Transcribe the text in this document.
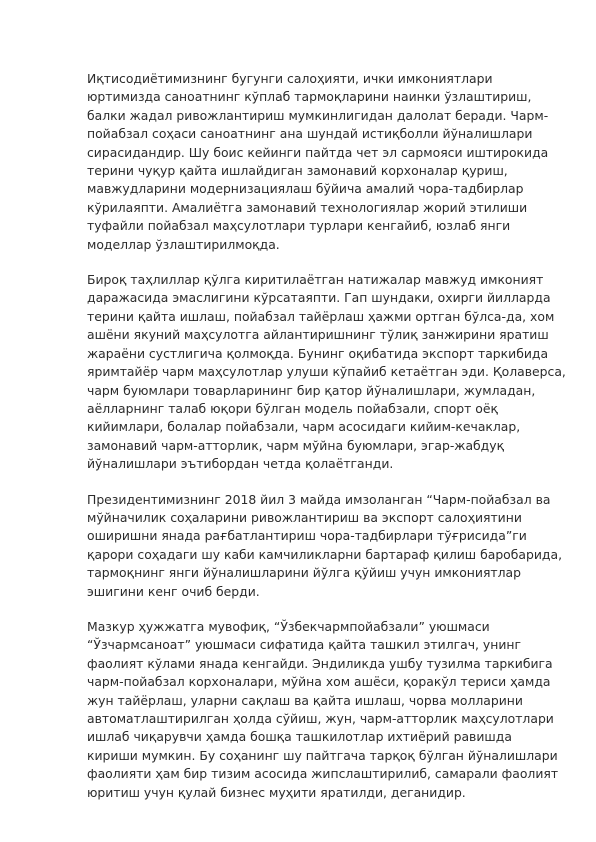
Иқтисодиётимизнинг бугунги салоҳияти, ички имкониятлари
юртимизда саноатнинг кўплаб тармоқларини наинки ўзлаштириш,
балки жадал ривожлантириш мумкинлигидан далолат беради. Чарм-
пойабзал соҳаси саноатнинг ана шундай истиқболли йўналишлари
сирасидандир. Шу боис кейинги пайтда чет эл сармояси иштирокида
терини чуқур қайта ишлайдиган замонавий корхоналар қуриш,
мавжудларини модернизациялаш бўйича амалий чора-тадбирлар
кўрилаяпти. Амалиётга замонавий технологиялар жорий этилиши
туфайли пойабзал маҳсулотлари турлари кенгайиб, юзлаб янги
моделлар ўзлаштирилмоқда.

Бироқ таҳлиллар қўлга киритилаётган натижалар мавжуд имконият
даражасида эмаслигини кўрсатаяпти. Гап шундаки, охирги йилларда
терини қайта ишлаш, пойабзал тайёрлаш ҳажми ортган бўлса-да, хом
ашёни якуний маҳсулотга айлантиришнинг тўлиқ занжирини яратиш
жараёни сустлигича қолмоқда. Бунинг оқибатида экспорт таркибида
яримтайёр чарм маҳсулотлар улуши кўпайиб кетаётган эди. Қолаверса,
чарм буюмлари товарларининг бир қатор йўналишлари, жумладан,
аёлларнинг талаб юқори бўлган модель пойабзали, спорт оёқ
кийимлари, болалар пойабзали, чарм асосидаги кийим-кечаклар,
замонавий чарм-атторлик, чарм мўйна буюмлари, эгар-жабдуқ
йўналишлари эътибордан четда қолаётганди.

Президентимизнинг 2018 йил 3 майда имзоланган “Чарм-пойабзал ва
мўйначилик соҳаларини ривожлантириш ва экспорт салоҳиятини
оширишни янада рағбатлантириш чора-тадбирлари тўғрисида”ги
қарори соҳадаги шу каби камчиликларни бартараф қилиш баробарида,
тармоқнинг янги йўналишларини йўлга қўйиш учун имкониятлар
эшигини кенг очиб берди.

Мазкур ҳужжатга мувофиқ, “Ўзбекчармпойабзали” уюшмаси
“Ўзчармсаноат” уюшмаси сифатида қайта ташкил этилгач, унинг
фаолият кўлами янада кенгайди. Эндиликда ушбу тузилма таркибига
чарм-пойабзал корхоналари, мўйна хом ашёси, қоракўл териси ҳамда
жун тайёрлаш, уларни сақлаш ва қайта ишлаш, чорва молларини
автоматлаштирилган ҳолда сўйиш, жун, чарм-атторлик маҳсулотлари
ишлаб чиқарувчи ҳамда бошқа ташкилотлар ихтиёрий равишда
кириши мумкин. Бу соҳанинг шу пайтгача тарқоқ бўлган йўналишлари
фаолияти ҳам бир тизим асосида жипслаштирилиб, самарали фаолият
юритиш учун қулай бизнес муҳити яратилди, деганидир.
